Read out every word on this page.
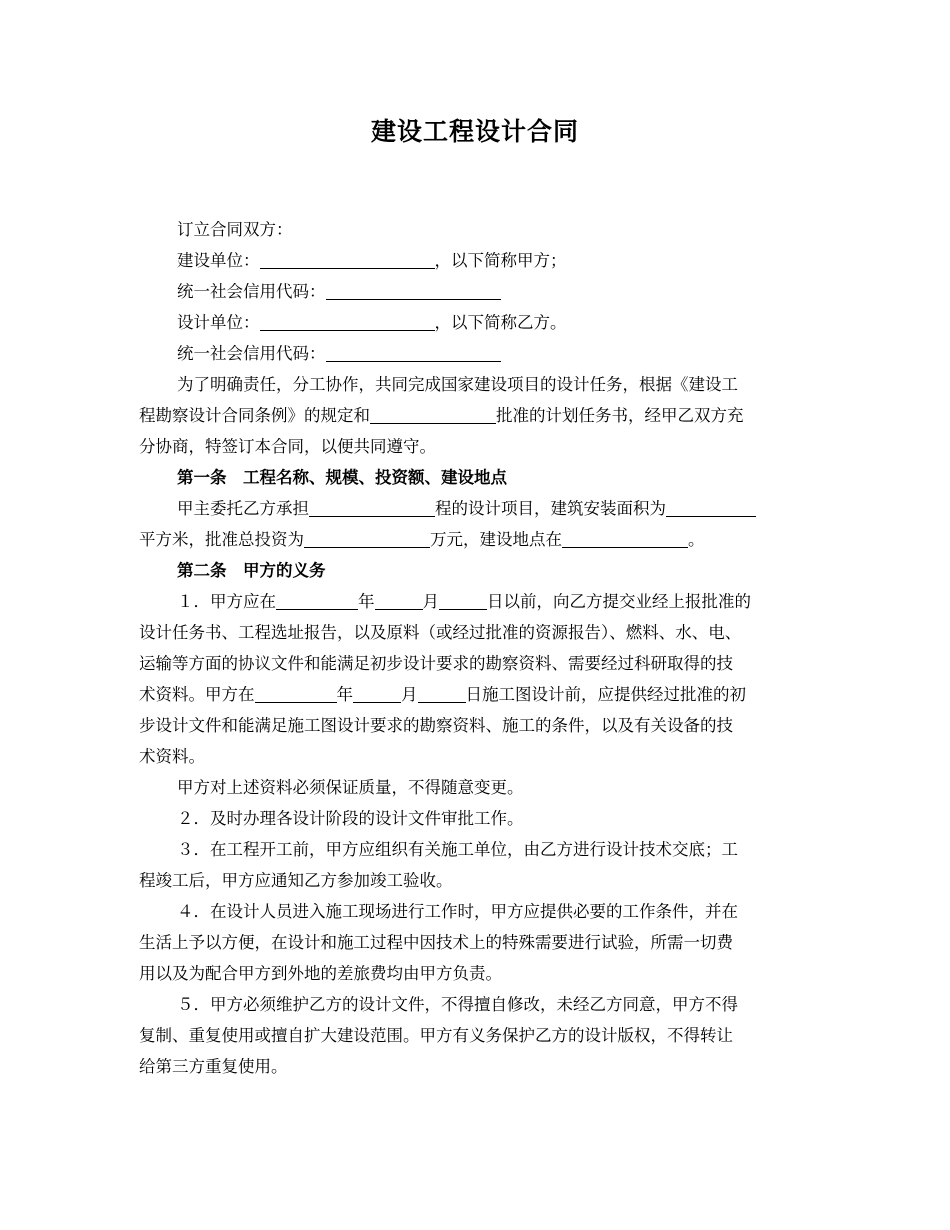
建设工程设计合同
订立合同双方：
建设单位：	，以下简称甲方；
统一社会信用代码：
设计单位：	，以下简称乙方。
统一社会信用代码：
为了明确责任，分工协作，共同完成国家建设项目的设计任务，根据《建设工
程勘察设计合同条例》的规定和	批准的计划任务书，经甲乙双方充
分协商，特签订本合同，以便共同遵守。
第一条　工程名称、规模、投资额、建设地点
甲主委托乙方承担	程的设计项目，建筑安装面积为
平方米，批准总投资为	万元，建设地点在	。
第二条　甲方的义务
１．甲方应在	年	月	日以前，向乙方提交业经上报批准的
设计任务书、工程选址报告，以及原料（或经过批准的资源报告）、燃料、水、电、
运输等方面的协议文件和能满足初步设计要求的勘察资料、需要经过科研取得的技
术资料。甲方在	年	月	日施工图设计前，应提供经过批准的初
步设计文件和能满足施工图设计要求的勘察资料、施工的条件，以及有关设备的技
术资料。
甲方对上述资料必须保证质量，不得随意变更。
２．及时办理各设计阶段的设计文件审批工作。
３．在工程开工前，甲方应组织有关施工单位，由乙方进行设计技术交底；工
程竣工后，甲方应通知乙方参加竣工验收。
４．在设计人员进入施工现场进行工作时，甲方应提供必要的工作条件，并在
生活上予以方便，在设计和施工过程中因技术上的特殊需要进行试验，所需一切费
用以及为配合甲方到外地的差旅费均由甲方负责。
５．甲方必须维护乙方的设计文件，不得擅自修改，未经乙方同意，甲方不得
复制、重复使用或擅自扩大建设范围。甲方有义务保护乙方的设计版权，不得转让
给第三方重复使用。
